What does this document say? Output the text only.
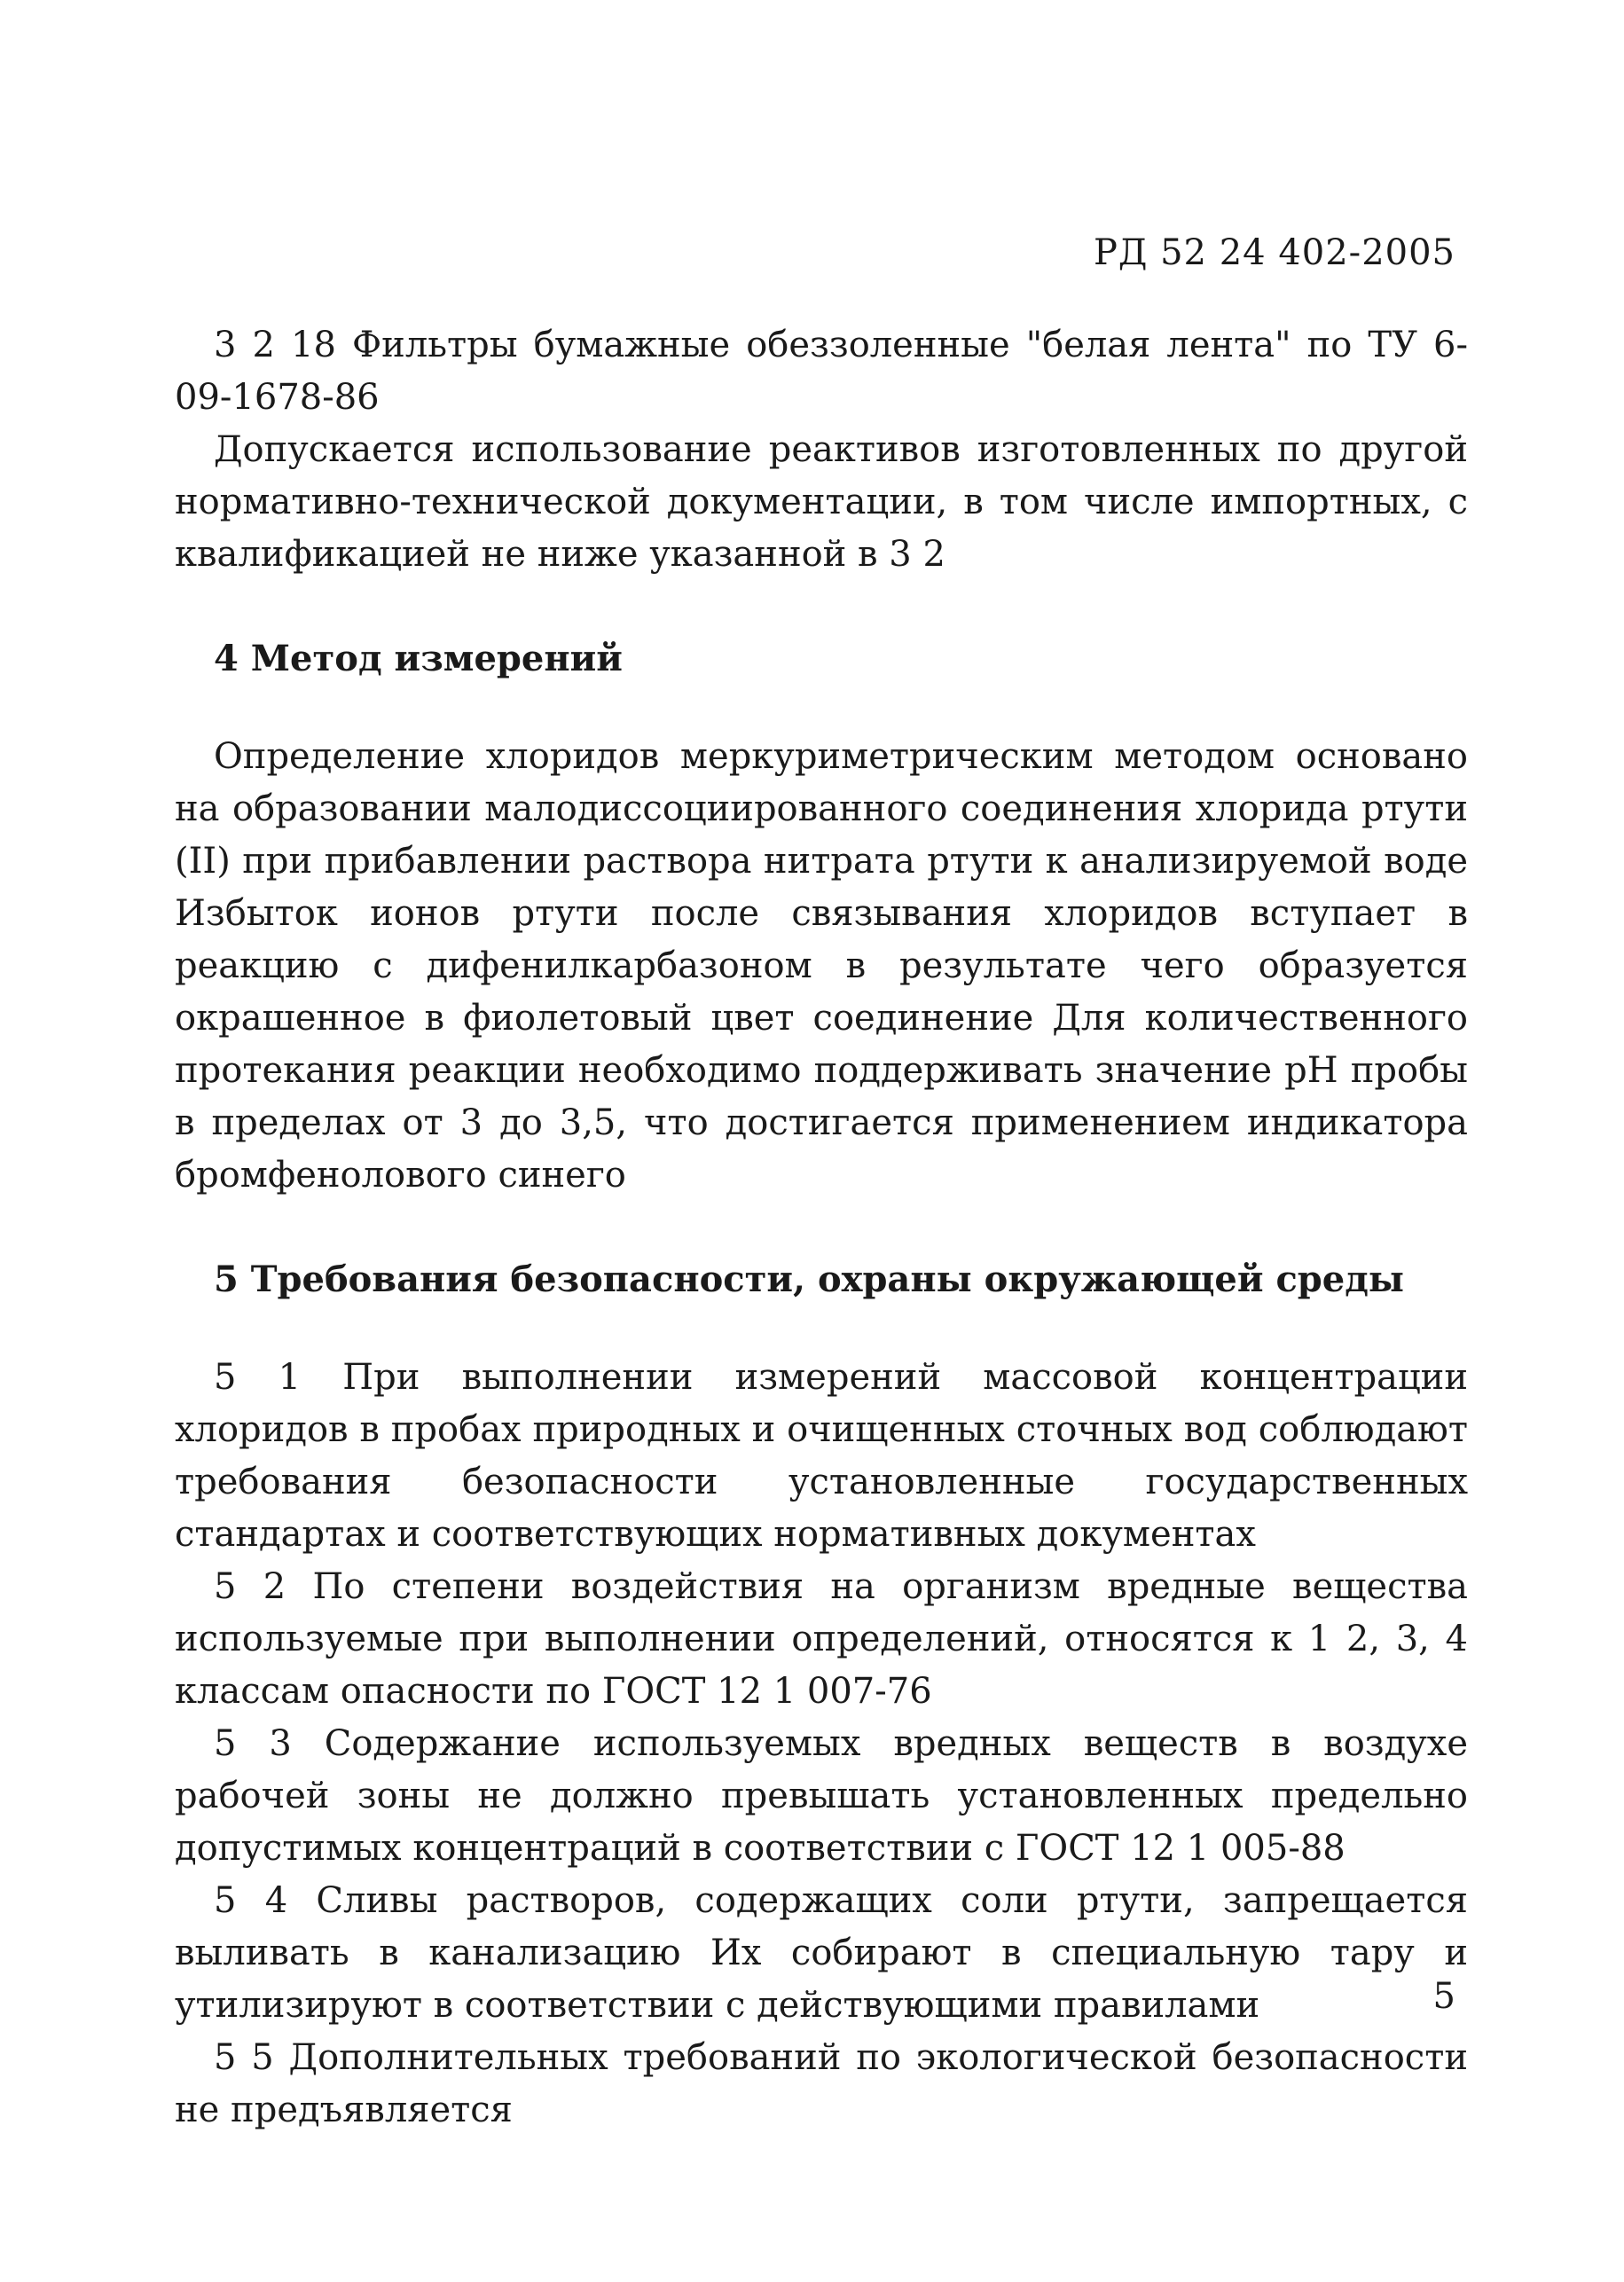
РД 52 24 402-2005

3 2 18 Фильтры бумажные обеззоленные "белая лента" по ТУ 6-09-1678-86

Допускается использование реактивов изготовленных по другой нормативно-технической документации, в том числе импортных, с квалификацией не ниже указанной в 3 2

4 Метод измерений

Определение хлоридов меркуриметрическим методом основано на образовании малодиссоциированного соединения хлорида ртути (II) при прибавлении раствора нитрата ртути к анализируемой воде Избыток ионов ртути после связывания хлоридов вступает в реакцию с дифенилкарбазоном в результате чего образуется окрашенное в фиолетовый цвет соединение Для количественного протекания реакции необходимо поддерживать значение pH пробы в пределах от 3 до 3,5, что достигается применением индикатора бромфенолового синего

5 Требования безопасности, охраны окружающей среды

5 1 При выполнении измерений массовой концентрации хлоридов в пробах природных и очищенных сточных вод соблюдают требования безопасности установленные государственных стандартах и соответствующих нормативных документах

5 2 По степени воздействия на организм вредные вещества используемые при выполнении определений, относятся к 1 2, 3, 4 классам опасности по ГОСТ 12 1 007-76

5 3 Содержание используемых вредных веществ в воздухе рабочей зоны не должно превышать установленных предельно допустимых концентраций в соответствии с ГОСТ 12 1 005-88

5 4 Сливы растворов, содержащих соли ртути, запрещается выливать в канализацию Их собирают в специальную тару и утилизируют в соответствии с действующими правилами

5 5 Дополнительных требований по экологической безопасности не предъявляется

5
